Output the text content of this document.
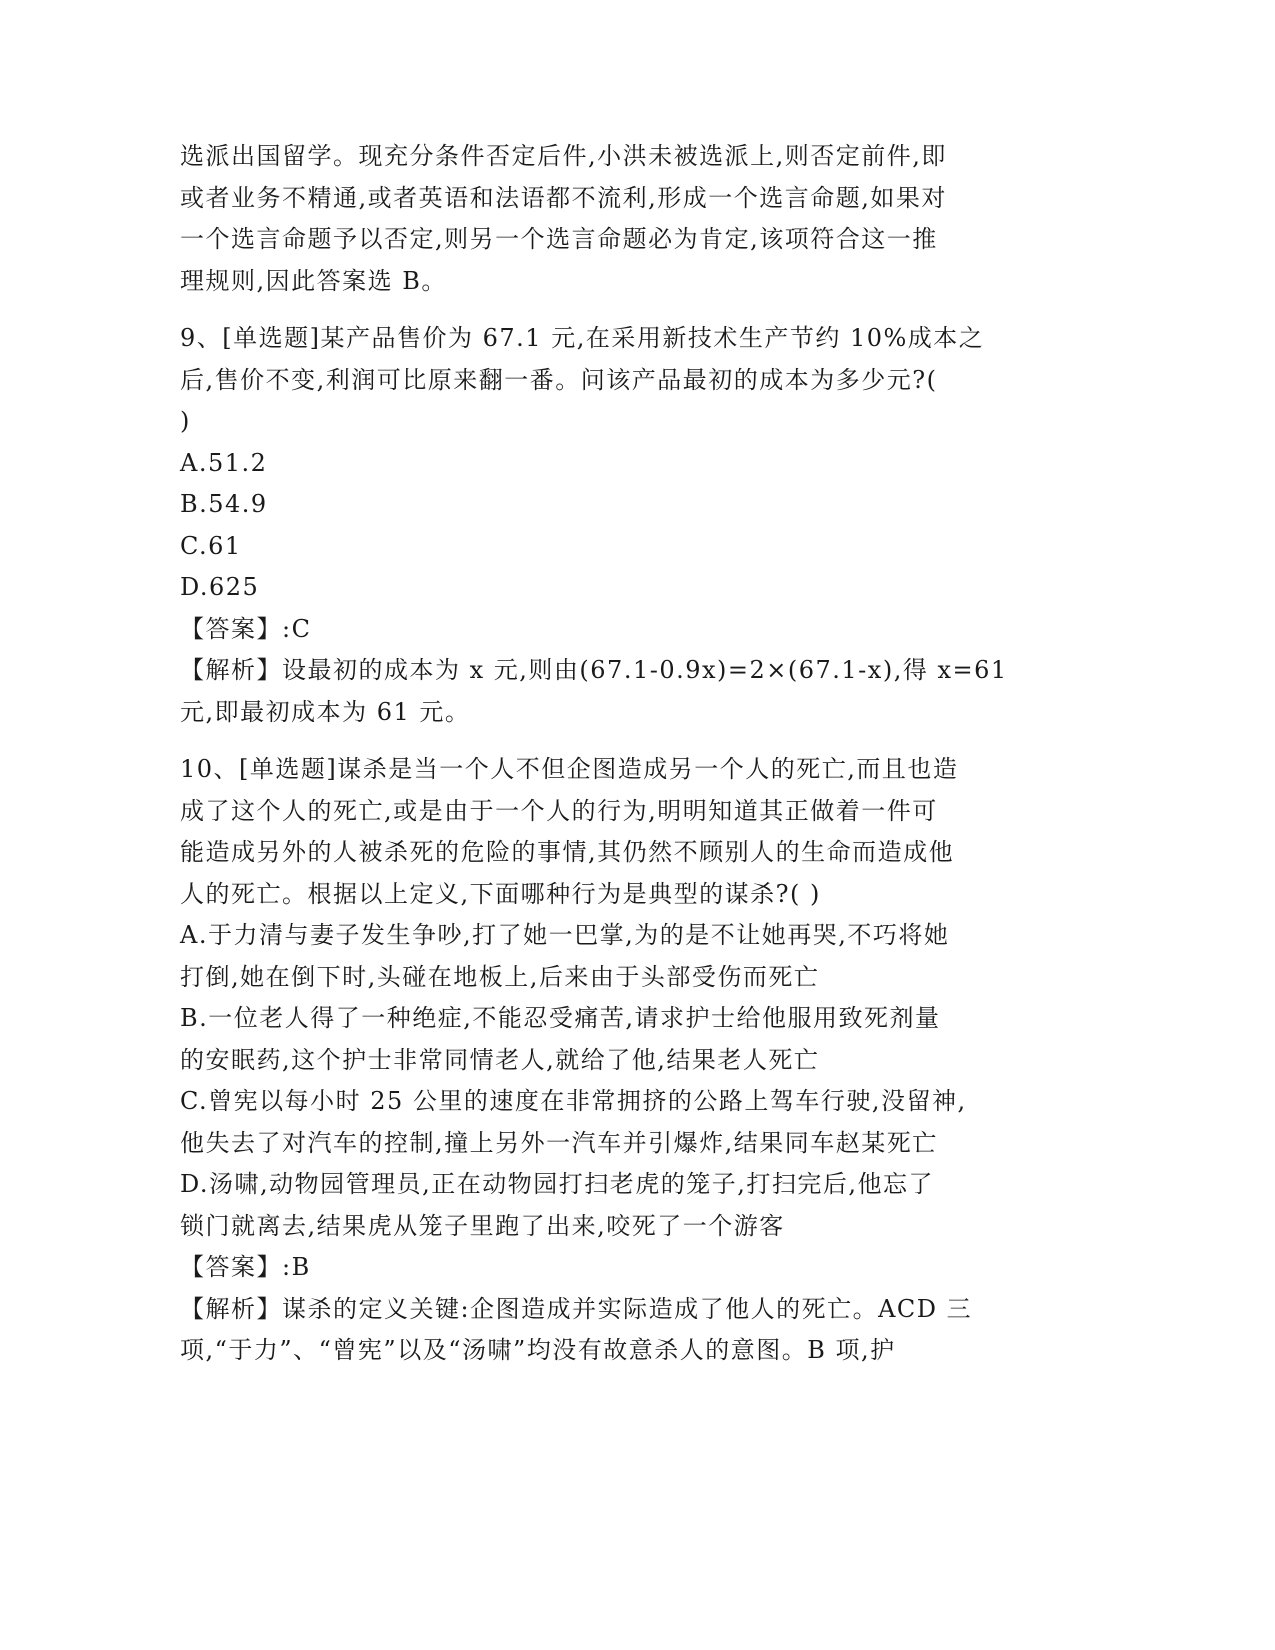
选派出国留学。现充分条件否定后件,小洪未被选派上,则否定前件,即
或者业务不精通,或者英语和法语都不流利,形成一个选言命题,如果对
一个选言命题予以否定,则另一个选言命题必为肯定,该项符合这一推
理规则,因此答案选 B。
9、[单选题]某产品售价为 67.1 元,在采用新技术生产节约 10%成本之
后,售价不变,利润可比原来翻一番。问该产品最初的成本为多少元?(
)
A.51.2
B.54.9
C.61
D.625
【答案】:C
【解析】设最初的成本为 x 元,则由(67.1-0.9x)=2×(67.1-x),得 x=61
元,即最初成本为 61 元。
10、[单选题]谋杀是当一个人不但企图造成另一个人的死亡,而且也造
成了这个人的死亡,或是由于一个人的行为,明明知道其正做着一件可
能造成另外的人被杀死的危险的事情,其仍然不顾别人的生命而造成他
人的死亡。根据以上定义,下面哪种行为是典型的谋杀?( )
A.于力清与妻子发生争吵,打了她一巴掌,为的是不让她再哭,不巧将她
打倒,她在倒下时,头碰在地板上,后来由于头部受伤而死亡
B.一位老人得了一种绝症,不能忍受痛苦,请求护士给他服用致死剂量
的安眠药,这个护士非常同情老人,就给了他,结果老人死亡
C.曾宪以每小时 25 公里的速度在非常拥挤的公路上驾车行驶,没留神,
他失去了对汽车的控制,撞上另外一汽车并引爆炸,结果同车赵某死亡
D.汤啸,动物园管理员,正在动物园打扫老虎的笼子,打扫完后,他忘了
锁门就离去,结果虎从笼子里跑了出来,咬死了一个游客
【答案】:B
【解析】谋杀的定义关键:企图造成并实际造成了他人的死亡。ACD 三
项,“于力”、“曾宪”以及“汤啸”均没有故意杀人的意图。B 项,护
